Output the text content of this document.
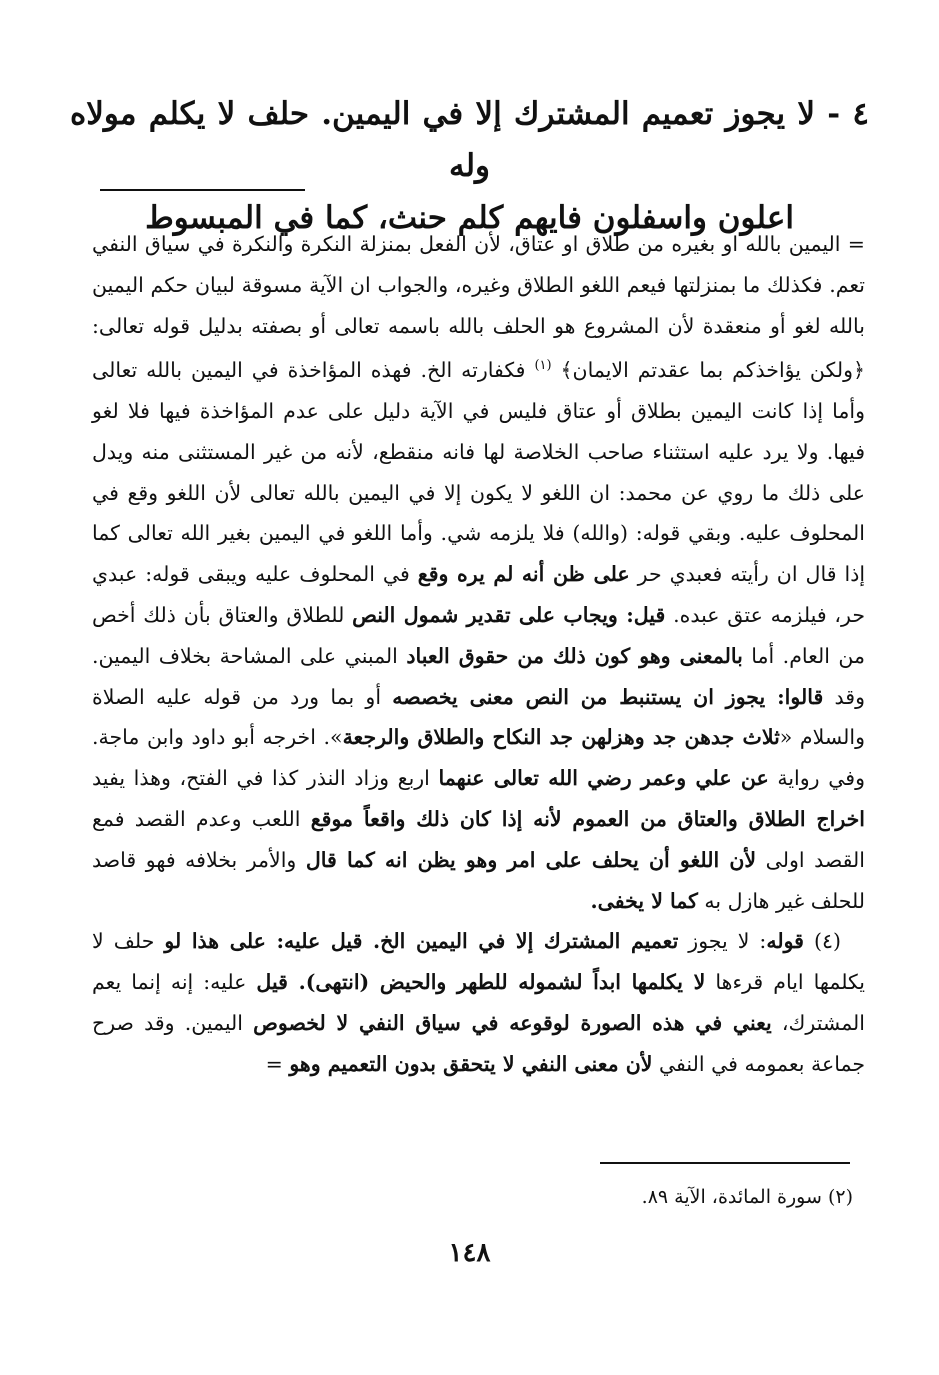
٤ - لا يجوز تعميم المشترك إلا في اليمين. حلف لا يكلم مولاه وله
اعلون واسفلون فايهم كلم حنث، كما في المبسوط

= اليمين بالله او بغيره من طلاق او عتاق، لأن الفعل بمنزلة النكرة والنكرة في سياق النفي تعم. فكذلك ما بمنزلتها فيعم اللغو الطلاق وغيره، والجواب ان الآية مسوقة لبيان حكم اليمين بالله لغو أو منعقدة لأن المشروع هو الحلف بالله باسمه تعالى أو بصفته بدليل قوله تعالى: ﴿ولكن يؤاخذكم بما عقدتم الايمان﴾ $^{(١)}$ فكفارته الخ. فهذه المؤاخذة في اليمين بالله تعالى وأما إذا كانت اليمين بطلاق أو عتاق فليس في الآية دليل على عدم المؤاخذة فيها فلا لغو فيها. ولا يرد عليه استثناء صاحب الخلاصة لها فانه منقطع، لأنه من غير المستثنى منه ويدل على ذلك ما روي عن محمد: ان اللغو لا يكون إلا في اليمين بالله تعالى لأن اللغو وقع في المحلوف عليه. وبقي قوله: (والله) فلا يلزمه شي. وأما اللغو في اليمين بغير الله تعالى كما إذا قال ان رأيته فعبدي حر على ظن أنه لم يره وقع في المحلوف عليه ويبقى قوله: عبدي حر، فيلزمه عتق عبده. قيل: ويجاب على تقدير شمول النص للطلاق والعتاق بأن ذلك أخص من العام. أما بالمعنى وهو كون ذلك من حقوق العباد المبني على المشاحة بخلاف اليمين. وقد قالوا: يجوز ان يستنبط من النص معنى يخصصه أو بما ورد من قوله عليه الصلاة والسلام «ثلاث جدهن جد وهزلهن جد النكاح والطلاق والرجعة». اخرجه أبو داود وابن ماجة. وفي رواية عن علي وعمر رضي الله تعالى عنهما اربع وزاد النذر كذا في الفتح، وهذا يفيد اخراج الطلاق والعتاق من العموم لأنه إذا كان ذلك واقعاً موقع اللعب وعدم القصد فمع القصد اولى لأن اللغو أن يحلف على امر وهو يظن انه كما قال والأمر بخلافه فهو قاصد للحلف غير هازل به كما لا يخفى.

(٤) قوله: لا يجوز تعميم المشترك إلا في اليمين الخ. قيل عليه: على هذا لو حلف لا يكلمها ايام قرءها لا يكلمها ابداً لشموله للطهر والحيض (انتهى). قيل عليه: إنه إنما يعم المشترك، يعني في هذه الصورة لوقوعه في سياق النفي لا لخصوص اليمين. وقد صرح جماعة بعمومه في النفي لأن معنى النفي لا يتحقق بدون التعميم وهو =

(٢) سورة المائدة، الآية ٨٩.
١٤٨
